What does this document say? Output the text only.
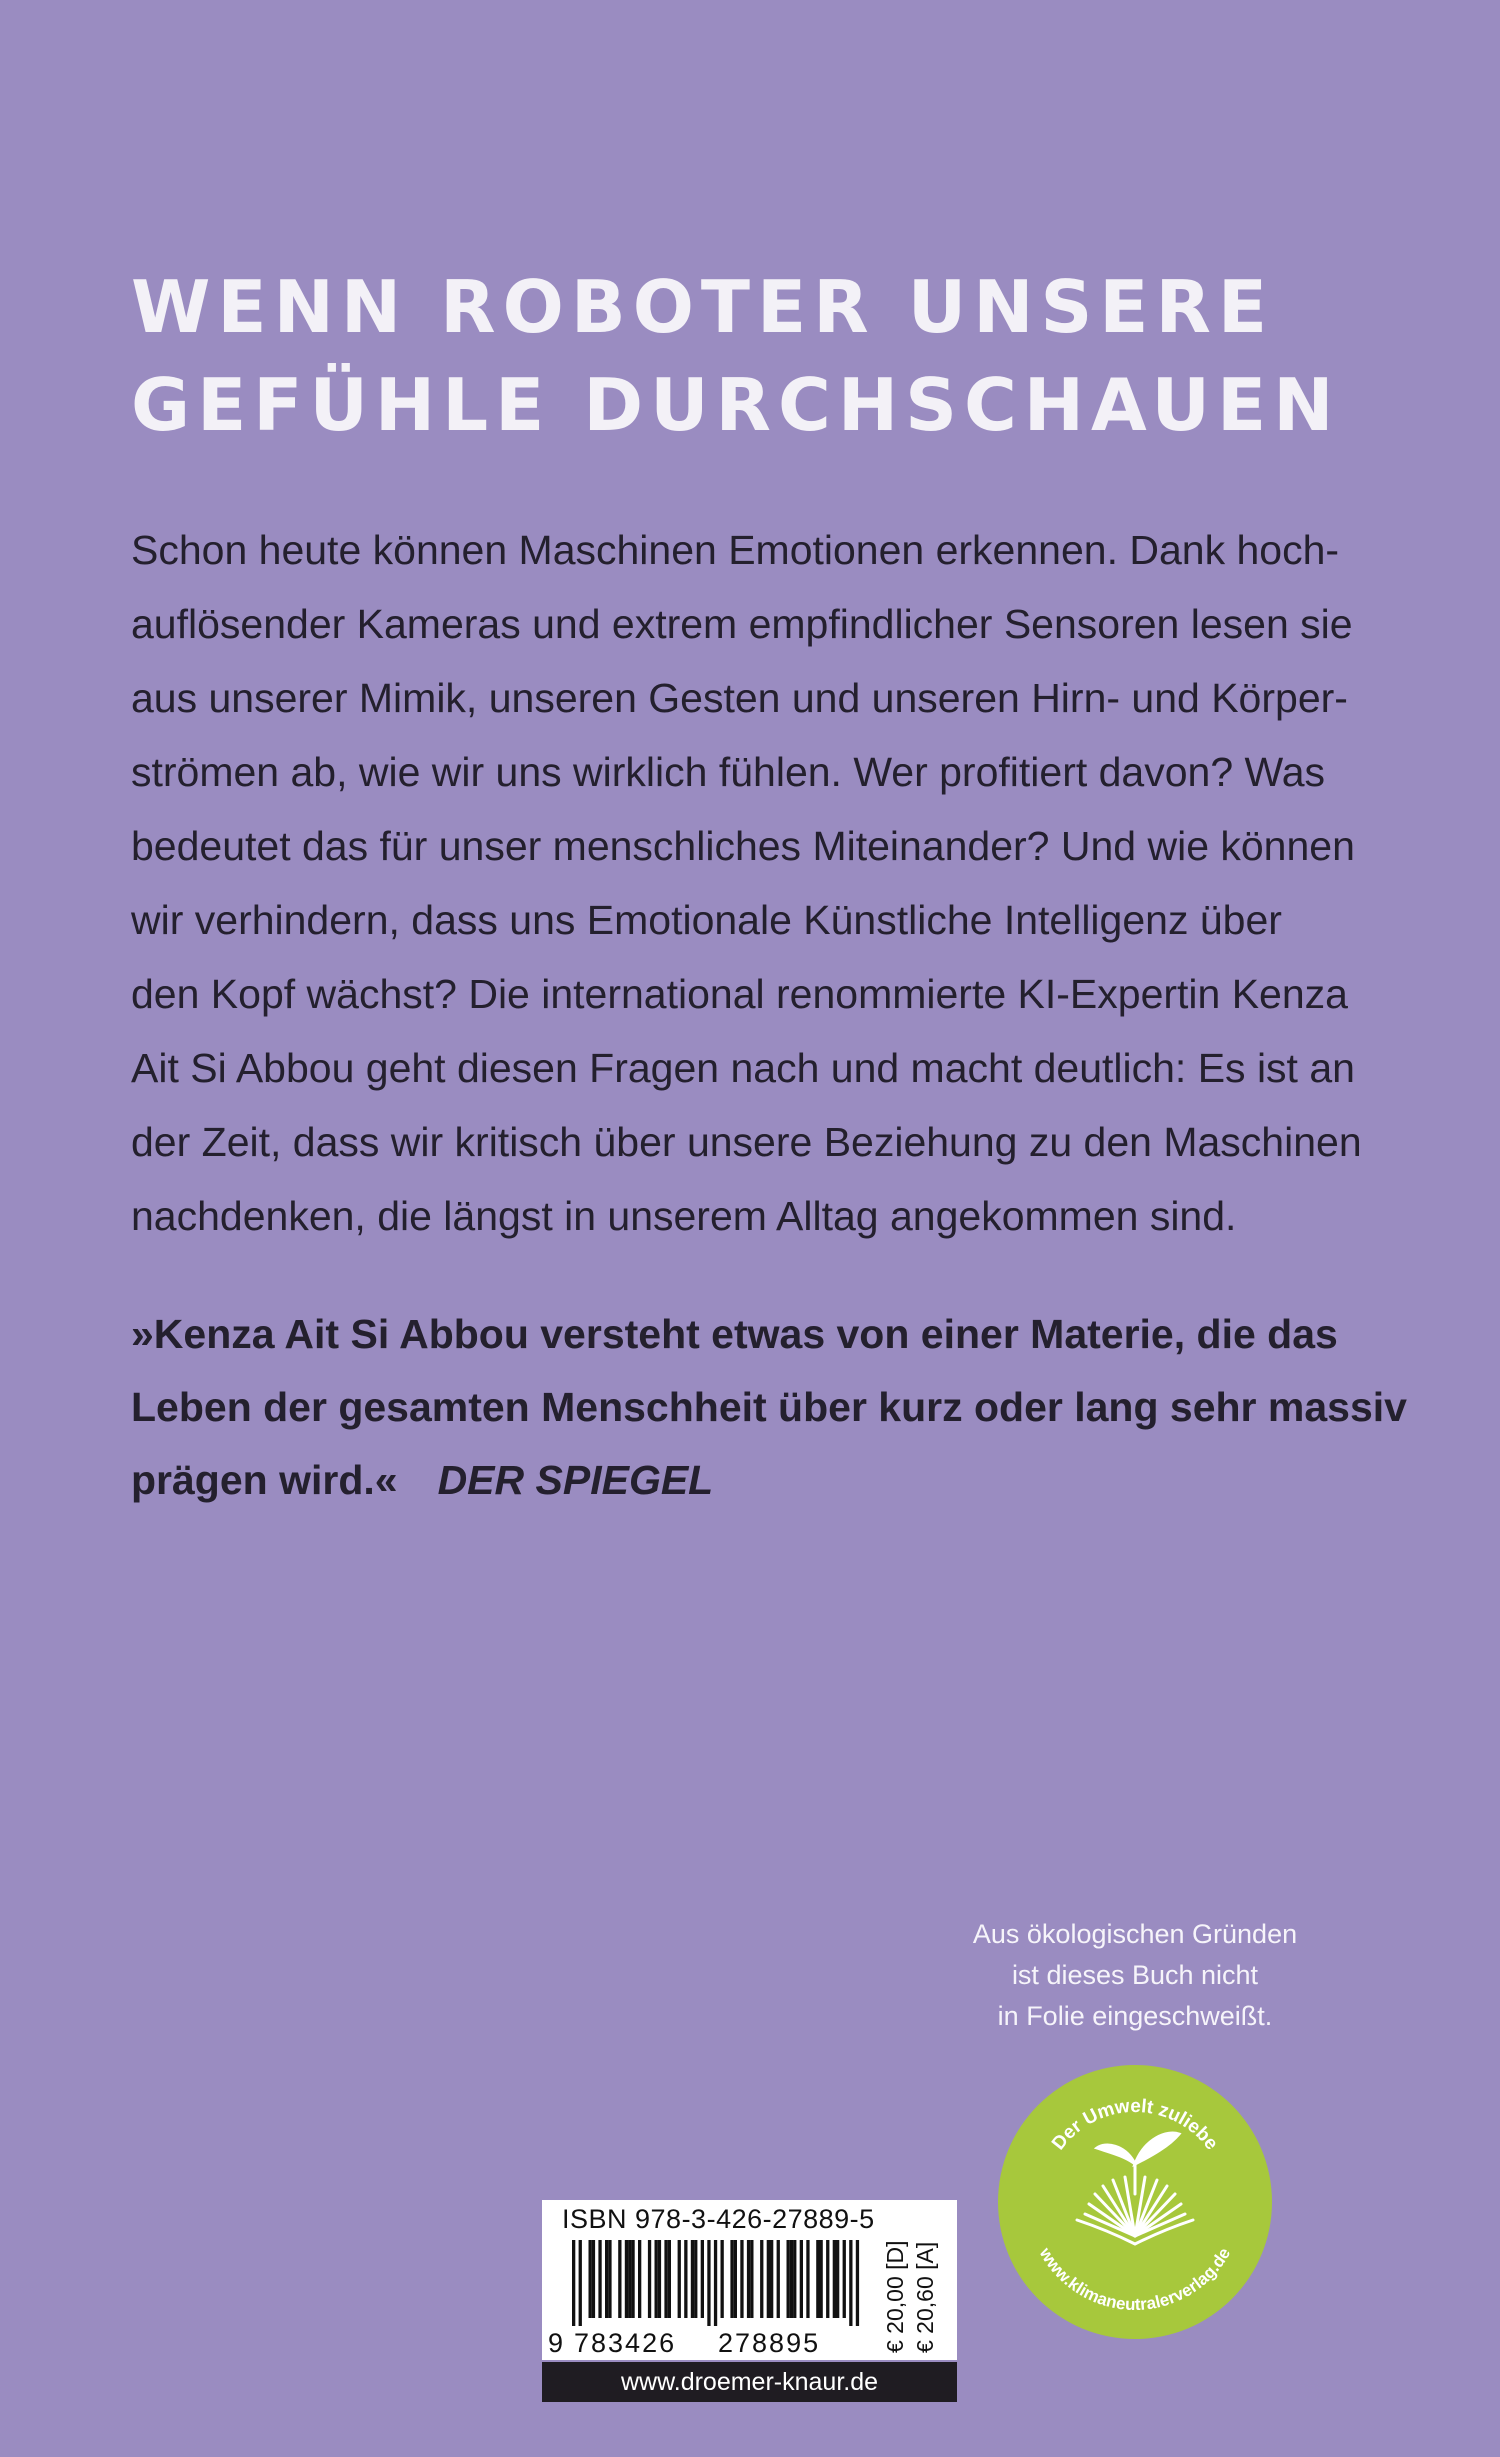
WENN ROBOTER UNSERE
GEFÜHLE DURCHSCHAUEN
Schon heute können Maschinen Emotionen erkennen. Dank hoch-
auflösender Kameras und extrem empfindlicher Sensoren lesen sie
aus unserer Mimik, unseren Gesten und unseren Hirn- und Körper-
strömen ab, wie wir uns wirklich fühlen. Wer profitiert davon? Was
bedeutet das für unser menschliches Miteinander? Und wie können
wir verhindern, dass uns Emotionale Künstliche Intelligenz über
den Kopf wächst? Die international renommierte KI-Expertin Kenza
Ait Si Abbou geht diesen Fragen nach und macht deutlich: Es ist an
der Zeit, dass wir kritisch über unsere Beziehung zu den Maschinen
nachdenken, die längst in unserem Alltag angekommen sind.
»Kenza Ait Si Abbou versteht etwas von einer Materie, die das
Leben der gesamten Menschheit über kurz oder lang sehr massiv
prägen wird.« DER SPIEGEL
Aus ökologischen Gründen
ist dieses Buch nicht
in Folie eingeschweißt.
Der Umwelt zuliebe
www.klimaneutralerverlag.de
ISBN 978-3-426-27889-5
9 783426 278895	€ 20,00 [D] € 20,60 [A]
www.droemer-knaur.de
